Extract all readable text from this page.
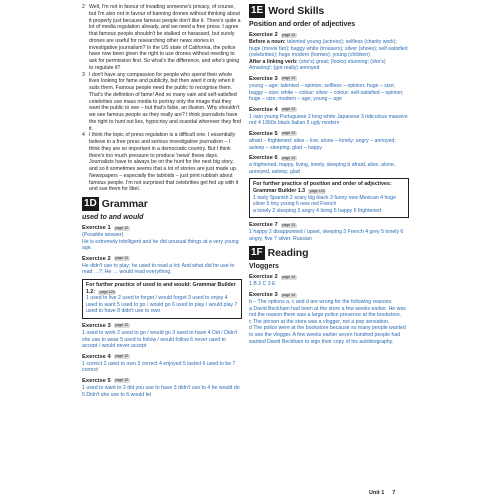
2 Well, I'm not in favour of invading someone's privacy, of course, but I'm also not in favour of banning drones without thinking about it properly just because famous people don't like it. There's quite a lot of media regulation already, and we need a free press. I agree that famous people shouldn't be stalked or harassed, but surely drones are useful for researching other news stories in investigative journalism? In the US state of California, the police have now been given the right to use drones without needing to ask for permission first. So what's the difference, and who's going to regulate it?
3 I don't have any compassion for people who spend their whole lives looking for fame and publicity, but then want it only when it suits them. Famous people need the public to recognise them. That's the definition of fame! And so many vain and self-satisfied celebrities use mass media to portray only the image that they want the public to see – but that's false, an illusion. Why shouldn't we see famous people as they really are? I think journalists have the right to hunt out lies, hypocrisy and scandal wherever they find it.
4 I think the topic of press regulation is a difficult one. I essentially believe in a free press and serious investigative journalism – I think they are so important in a democratic country. But I think there's too much pressure to produce 'news' these days. Journalists have to always be on the hunt for the next big story, and so it sometimes seems that a lot of stories are just made up. Newspapers – especially the tabloids – just print rubbish about famous people. I'm not surprised that celebrities get fed up with it and sue them for libel.
1D Grammar
used to and would
Exercise 1	page 12
(Possible answer)
He is extremely intelligent and he did unusual things at a very young age.
Exercise 2	page 12
He didn't use to play; he used to read a lot; And what did he use to read …?; He … would read everything.
For further practice of used to and would: Grammar Builder 1.2: page 125
1 used to live 2 used to forget / would forget 3 used to enjoy 4 used to want 5 used to go / would go 6 used to play / would play 7 used to have 8 didn't use to own
Exercise 3	page 12
1 used to work 2 used to go / would go 3 used to have 4 Did / Didn't she use to wear 5 used to follow / would follow 6 never used to accept / would never accept
Exercise 4	page 12
1 correct 2 used to own 3 correct 4 enjoyed 5 lasted 6 used to be 7 correct
Exercise 5	page 12
1 used to want to 2 did you use to have 3 didn't use to 4 he would do 5 Didn't she use to 6 would let
1E Word Skills
Position and order of adjectives
Exercise 2	page 13
Before a noun: talented young (actress); selfless (charity work); huge (movie fan); baggy white (trousers); silver (shoes); self-satisfied (celebrities); huge modern (homes); young (children)
After a linking verb: (she's) great; (looks) stunning; (she's) Amazing!; (got really) annoyed
Exercise 3	page 13
young – age; talented – opinion; selfless – opinion; huge – size; baggy – size; white – colour; silver – colour; self-satisfied – opinion; huge – size; modern – age; young – age
Exercise 4	page 13
1 vain young Portuguese 2 long white Japanese 3 ridiculous massive red 4 1960s black Italian 5 ugly modern
Exercise 5	page 13
afraid – frightened; alive – live; alone – lonely; angry – annoyed; asleep – sleeping; glad – happy
Exercise 6	page 13
a frightened, happy, living, lonely, sleeping b afraid, alive, alone, annoyed, asleep, glad
For further practice of position and order of adjectives: Grammar Builder 1.3 page 125
1 tasty Spanish 2 scary big black 3 funny new Mexican 4 huge silver 5 tiny young 6 new red French
a lonely 2 sleeping 3 angry 4 living 5 happy 6 frightened
Exercise 7	page 13
1 happy 2 disappointed / upset, sleeping 3 French 4 grey 5 lonely 6 angry, five 7 silver, Russian
1F Reading
Vloggers
Exercise 2	page 14
1 B 2 C 3 E
Exercise 3	page 14
b – The options a, c and d are wrong for the following reasons:
a David Beckham had been at the store a few weeks earlier. He was not the reason there was a large police presence at the bookstore.
c The person at the store was a vlogger, not a pop sensation.
d The police were at the bookstore because so many people wanted to see the vlogger. A few weeks earlier seven hundred people had wanted David Beckham to sign their copy of his autobiography.
Unit 1 7
